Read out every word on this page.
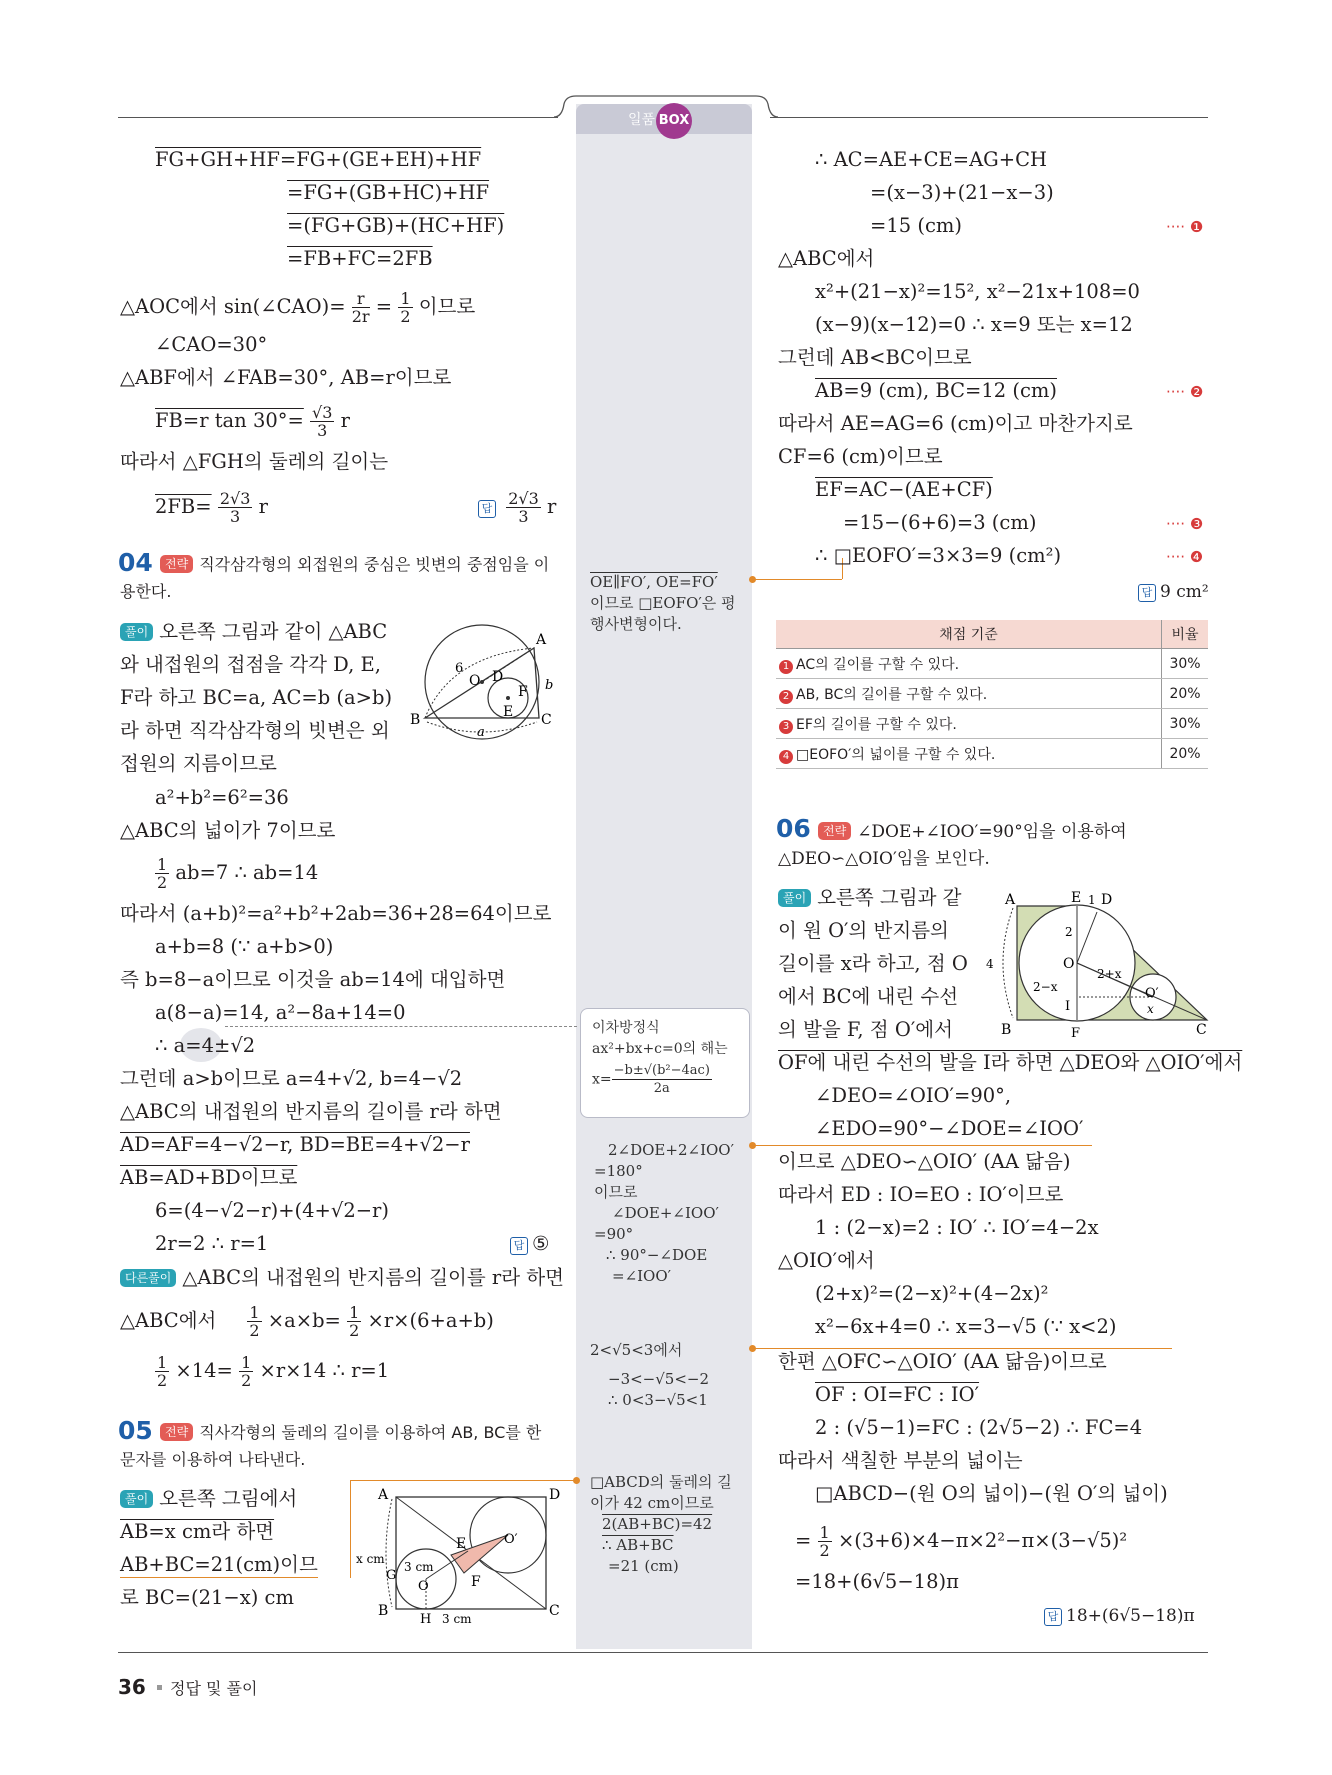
일품 BOX
FG+GH+HF=FG+(GE+EH)+HF
=FG+(GB+HC)+HF
=(FG+GB)+(HC+HF)
=FB+FC=2FB
△AOC에서 sin(∠CAO)= $\frac{r}{2r} = \frac{1}{2}$ 이므로
∠CAO=30°
△ABF에서 ∠FAB=30°, AB=r이므로
FB=r $\tan 30^\circ= \frac{√3}{3}$ r
따라서 △FGH의 둘레의 길이는
$2FB= \frac{2√3}{3}$ r	답 $\frac{2√3}{3}$ r
04	전략 직각삼각형의 외접원의 중심은 빗변의 중점임을 이
용한다.
풀이 오른쪽 그림과 같이 △ABC
와 내접원의 접점을 각각 D, E,
F라 하고 BC=a, AC=b (a>b)
라 하면 직각삼각형의 빗변은 외
접원의 지름이므로
A
B	C
D
E
F
O
6
a
b
a²+b²=6²=36
△ABC의 넓이가 7이므로
$\frac{1}{2} ab=7$ ∴ ab=14
따라서 (a+b)²=a²+b²+2ab=36+28=64이므로
a+b=8 (∵ a+b>0)
즉 b=8−a이므로 이것을 ab=14에 대입하면
a(8−a)=14, a²−8a+14=0
∴ a=4±√2
그런데 a>b이므로 a=4+√2, b=4−√2
△ABC의 내접원의 반지름의 길이를 r라 하면
AD=AF=4−√2−r, BD=BE=4+√2−r
AB=AD+BD이므로
6=(4−√2−r)+(4+√2−r)
2r=2 ∴ r=1	답 ⑤
다른풀이 △ABC의 내접원의 반지름의 길이를 r라 하면
△ABC에서 $\frac{1}{2} \times a\times b= \frac{1}{2} \times r\times(6+a+b)$
$\frac{1}{2} \times 14= \frac{1}{2} \times r\times 14$ ∴ r=1
05	전략 직사각형의 둘레의 길이를 이용하여 AB, BC를 한
문자를 이용하여 나타낸다.
풀이 오른쪽 그림에서
AB=x cm라 하면
AB+BC=21(cm)이므
로 BC=(21−x) cm
A
B	C
D
E
F
G
H
O
O′
x cm
3 cm
3 cm
OE∥FO′, OE=FO′
이므로 □EOFO′은 평
행사변형이다.
이차방정식
ax²+bx+c=0의 해는
$x= \frac{\text{−b±√(b²−4ac)}}{2a}$
2∠DOE+2∠IOO′
=180°
이므로
∠DOE+∠IOO′
=90°
∴ 90°−∠DOE
=∠IOO′
2<√5<3에서
−3<−√5<−2
∴ 0<3−√5<1
□ABCD의 둘레의 길
이가 42 cm이므로
2(AB+BC)=42
∴ AB+BC
=21 (cm)
∴ AC=AE+CE=AG+CH
=(x−3)+(21−x−3)
=15 (cm)	···· ❶
△ABC에서
x²+(21−x)²=15², x²−21x+108=0
(x−9)(x−12)=0 ∴ x=9 또는 x=12
그런데 AB<BC이므로
AB=9 (cm), BC=12 (cm)	···· ❷
따라서 AE=AG=6 (cm)이고 마찬가지로
CF=6 (cm)이므로
EF=AC−(AE+CF)
=15−(6+6)=3 (cm)	···· ❸
∴ □EOFO′=3×3=9 (cm²)	···· ❹
답 9 cm²
채점 기준	비율
1 AC의 길이를 구할 수 있다.	30%
2 AB, BC의 길이를 구할 수 있다.	20%
3 EF의 길이를 구할 수 있다.	30%
4 □EOFO′의 넓이를 구할 수 있다.	20%
06	전략 ∠DOE+∠IOO′=90°임을 이용하여
△DEO∽△OIO′임을 보인다.
풀이 오른쪽 그림과 같
이 원 O′의 반지름의
길이를 x라 하고, 점 O
에서 BC에 내린 수선
의 발을 F, 점 O′에서
A
B	C
D
E
F
I
O
O′
1
2
4
2+x
2−x
x
OF에 내린 수선의 발을 I라 하면 △DEO와 △OIO′에서
∠DEO=∠OIO′=90°,
∠EDO=90°−∠DOE=∠IOO′
이므로 △DEO∽△OIO′ (AA 닮음)
따라서 ED : IO=EO : IO′이므로
1 : (2−x)=2 : IO′ ∴ IO′=4−2x
△OIO′에서
(2+x)²=(2−x)²+(4−2x)²
x²−6x+4=0 ∴ x=3−√5 (∵ x<2)
한편 △OFC∽△OIO′ (AA 닮음)이므로
OF : OI=FC : IO′
2 : (√5−1)=FC : (2√5−2) ∴ FC=4
따라서 색칠한 부분의 넓이는
□ABCD−(원 O의 넓이)−(원 O′의 넓이)
= $\frac{1}{2} \times(3+6)\times 4-\pi\times 2^2-\pi\times(3-√5)^2$
=18+(6√5−18)π
답 18+(6√5−18)π
36 정답 및 풀이
